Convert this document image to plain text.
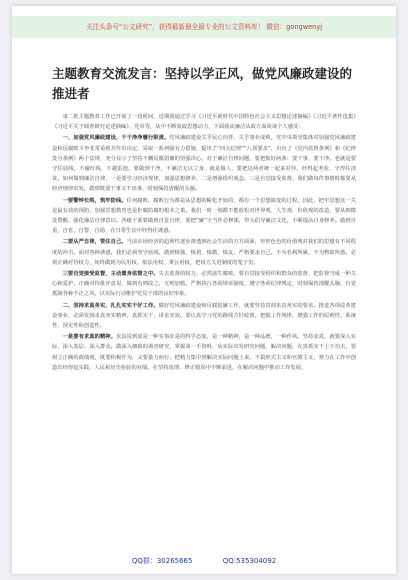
关注头条号“公文研究”，获得最新最全最专业的公文资料库！ 微信：gongwenyj
主题教育交流发言：坚持以学正风，做党风廉政建设的推进者

第二批主题教育工作已开展了一段时间，近期我通过学习《习近平新时代中国特色社会主义思想论述摘编》《习近平著作选集》《习近平关于调查研究论述摘编》、党章等，从中不断汲取思想动力，下面我从廉洁从政方面谈谈个人感受：

一、加强党风廉政建设，干干净净履行职责。党风廉政建设关乎民心向背，关乎事业成败。党中央领导集体对加强党风廉政建设和反腐败斗争非常重视并作出决定，采取一系列强有力措施，提出了“四大纪律”“八项要求”，出台了《党内监督条例》和《纪律处分条例》两个法规，充分显示了坚持不懈反腐倡廉的坚强决心。对于廉洁自律问题，要把握好两条：要干事，要干净。也就是要守住底线，不碰红线、不越雷池。要做到干净，不廉洁无以立身，就是做人，要把这两者统一起来对待，经得起考验，守得住清贫。如何做到廉洁自律，一是要学习经济规律，加强思想修养，二是增强组织观念，三是自觉接受监督。我们做每件事情时都要从经济规律出发，做到既要干事又不出事，时刻保持清醒的头脑。

一要警钟长鸣，筑牢防线。任何腐败，腐败行为都是从思想的蜕化开始的，都有一个思想演变的过程。因此，把牢思想这一关是最有效的预防，加强思想教育也是拒腐防腐的根本之策。我们一时一刻都不能放松对世界观、人生观、价值观的改造，要从细微处警醒、强化廉洁自律意识。各级干部要做到自觉自律，要把“廉”字当作必修课，带头倡导廉洁文化，不断提高自身修养。做到自重、自省、自警、自励，在日常生活中经得住诱惑。

二要从严自律，管住自己。当前市场经济的趋利性逐步渗透到社会生活的方方面面，形形色色的价值观对我们的思想有不同程度的冲击。面对各种诱惑，我们必须坚守底线，做到慎独、慎初、慎微、慎友，严格要求自己，不为名利所累，不为物欲所惑。必须正确对待权力，始终做到为民用权、依法用权、秉公用权，把权力关进制度的笼子里。

三要自觉接受监督，主动置身监督之中。失去监督的权力，必然滋生腐败。要自觉接受组织和群众的监督，把监督当成一种关心和爱护，正确对待批评意见，做到有则改之，无则加勉。严格执行各项规章制度，遵守各项纪律规定，时刻保持清醒头脑，自觉抵制各种不正之风，以实际行动维护党员干部的良好形象。

二、坚持求真务实，扎扎实实干好工作。做好党风廉政建设和反腐倡廉工作，就要坚持贯彻求真务实的要求。推进各项改革建设事业，必须发扬求真务实精神，真抓实干，讲求实效。要认真学习党的路线方针政策，把握工作规律，增强工作的原则性、系统性、预见性和创造性。

一是要有求真的精神。求真说到底是一种实事求是的科学态度，是一种精神，是一种品德，一种作风。坚持求真，就要深入实际、深入基层、深入群众，做深入细致的调查研究，掌握第一手资料，从实际出发研究问题、解决问题，在真抓实干上下功夫。要树立正确的政绩观，既要积极作为，又要量力而行，把精力集中到解决实际问题上来，不搞形式主义和官僚主义，努力在工作中创造出经得起实践、人民和历史检验的业绩。在坚持真理、修正错误中不断前进，在解决问题中推动工作发展。

QQ群：30265665	QQ:535304092
